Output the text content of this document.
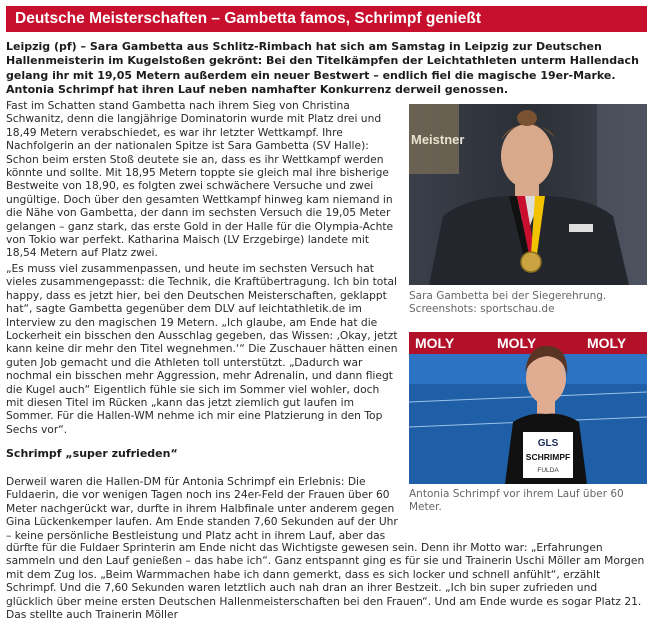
Deutsche Meisterschaften – Gambetta famos, Schrimpf genießt
Leipzig (pf) – Sara Gambetta aus Schlitz-Rimbach hat sich am Samstag in Leipzig zur Deutschen Hallenmeisterin im Kugelstoßen gekrönt: Bei den Titelkämpfen der Leichtathleten unterm Hallendach gelang ihr mit 19,05 Metern außerdem ein neuer Bestwert – endlich fiel die magische 19er-Marke. Antonia Schrimpf hat ihren Lauf neben namhafter Konkurrenz derweil genossen.
Fast im Schatten stand Gambetta nach ihrem Sieg von Christina Schwanitz, denn die langjährige Dominatorin wurde mit Platz drei und 18,49 Metern verabschiedet, es war ihr letzter Wettkampf. Ihre Nachfolgerin an der nationalen Spitze ist Sara Gambetta (SV Halle): Schon beim ersten Stoß deutete sie an, dass es ihr Wettkampf werden könnte und sollte. Mit 18,95 Metern toppte sie gleich mal ihre bisherige Bestweite von 18,90, es folgten zwei schwächere Versuche und zwei ungültige. Doch über den gesamten Wettkampf hinweg kam niemand in die Nähe von Gambetta, der dann im sechsten Versuch die 19,05 Meter gelangen – ganz stark, das erste Gold in der Halle für die Olympia-Achte von Tokio war perfekt. Katharina Maisch (LV Erzgebirge) landete mit 18,54 Metern auf Platz zwei.
„Es muss viel zusammenpassen, und heute im sechsten Versuch hat vieles zusammengepasst: die Technik, die Kraftübertragung. Ich bin total happy, dass es jetzt hier, bei den Deutschen Meisterschaften, geklappt hat“, sagte Gambetta gegenüber dem DLV auf leichtathletik.de im Interview zu den magischen 19 Metern. „Ich glaube, am Ende hat die Lockerheit ein bisschen den Ausschlag gegeben, das Wissen: ‚Okay, jetzt kann keine dir mehr den Titel wegnehmen.‘“ Die Zuschauer hätten einen guten Job gemacht und die Athleten toll unterstützt. „Dadurch war nochmal ein bisschen mehr Aggression, mehr Adrenalin, und dann fliegt die Kugel auch“ Eigentlich fühle sie sich im Sommer viel wohler, doch mit diesen Titel im Rücken „kann das jetzt ziemlich gut laufen im Sommer. Für die Hallen-WM nehme ich mir eine Platzierung in den Top Sechs vor“.
Schrimpf „super zufrieden“
Derweil waren die Hallen-DM für Antonia Schrimpf ein Erlebnis: Die Fuldaerin, die vor wenigen Tagen noch ins 24er-Feld der Frauen über 60 Meter nachgerückt war, durfte in ihrem Halbfinale unter anderem gegen Gina Lückenkemper laufen. Am Ende standen 7,60 Sekunden auf der Uhr – keine persönliche Bestleistung und Platz acht in ihrem Lauf, aber das
dürfte für die Fuldaer Sprinterin am Ende nicht das Wichtigste gewesen sein. Denn ihr Motto war: „Erfahrungen sammeln und den Lauf genießen – das habe ich“. Ganz entspannt ging es für sie und Trainerin Uschi Möller am Morgen mit dem Zug los. „Beim Warmmachen habe ich dann gemerkt, dass es sich locker und schnell anfühlt“, erzählt Schrimpf. Und die 7,60 Sekunden waren letztlich auch nah dran an ihrer Bestzeit. „Ich bin super zufrieden und glücklich über meine ersten Deutschen Hallenmeisterschaften bei den Frauen“. Und am Ende wurde es sogar Platz 21. Das stellte auch Trainerin Möller
Meistner
Sara Gambetta bei der Siegerehrung. Screenshots: sportschau.de
MOLY	MOLY	MOLY
GLS
SCHRIMPF
FULDA
Antonia Schrimpf vor ihrem Lauf über 60 Meter.
